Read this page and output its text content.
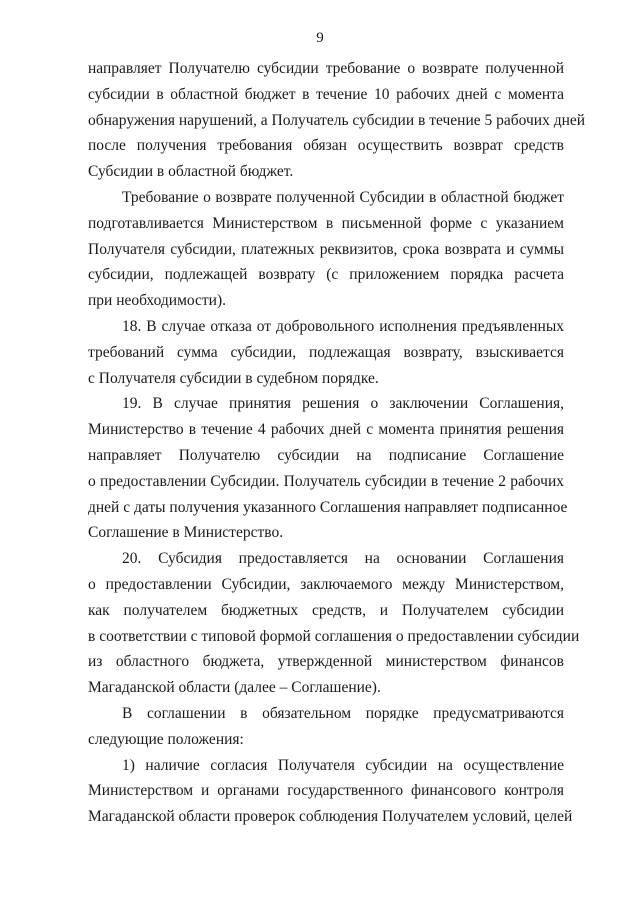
9

направляет Получателю субсидии требование о возврате полученной
субсидии в областной бюджет в течение 10 рабочих дней с момента
обнаружения нарушений, а Получатель субсидии в течение 5 рабочих дней
после получения требования обязан осуществить возврат средств
Субсидии в областной бюджет.

Требование о возврате полученной Субсидии в областной бюджет
подготавливается Министерством в письменной форме с указанием
Получателя субсидии, платежных реквизитов, срока возврата и суммы
субсидии, подлежащей возврату (с приложением порядка расчета
при необходимости).

18. В случае отказа от добровольного исполнения предъявленных
требований сумма субсидии, подлежащая возврату, взыскивается
с Получателя субсидии в судебном порядке.

19. В случае принятия решения о заключении Соглашения,
Министерство в течение 4 рабочих дней с момента принятия решения
направляет Получателю субсидии на подписание Соглашение
о предоставлении Субсидии. Получатель субсидии в течение 2 рабочих
дней с даты получения указанного Соглашения направляет подписанное
Соглашение в Министерство.

20. Субсидия предоставляется на основании Соглашения
о предоставлении Субсидии, заключаемого между Министерством,
как получателем бюджетных средств, и Получателем субсидии
в соответствии с типовой формой соглашения о предоставлении субсидии
из областного бюджета, утвержденной министерством финансов
Магаданской области (далее – Соглашение).

В соглашении в обязательном порядке предусматриваются
следующие положения:

1) наличие согласия Получателя субсидии на осуществление
Министерством и органами государственного финансового контроля
Магаданской области проверок соблюдения Получателем условий, целей
